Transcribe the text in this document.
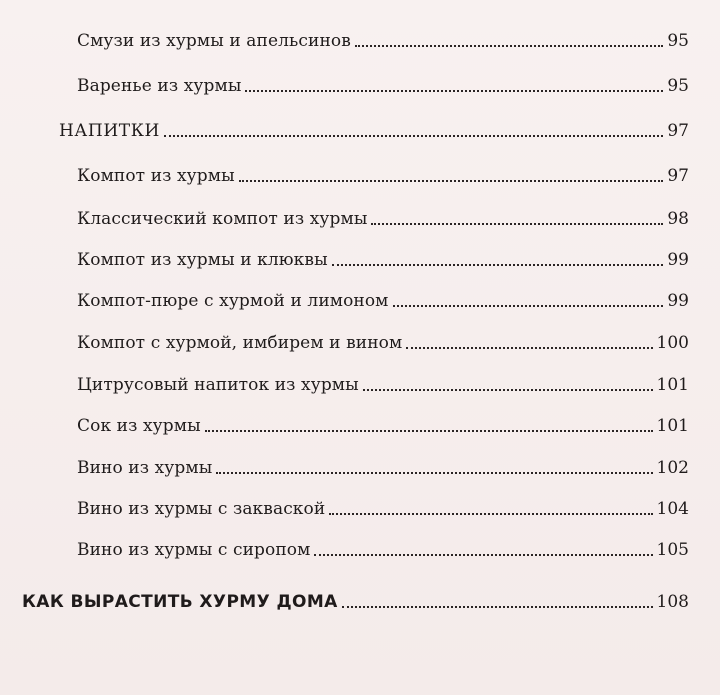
Смузи из хурмы и апельсинов	95
Варенье из хурмы	95
НАПИТКИ	97
Компот из хурмы	97
Классический компот из хурмы	98
Компот из хурмы и клюквы	99
Компот-пюре с хурмой и лимоном	99
Компот с хурмой, имбирем и вином	100
Цитрусовый напиток из хурмы	101
Сок из хурмы	101
Вино из хурмы	102
Вино из хурмы с закваской	104
Вино из хурмы с сиропом	105
КАК ВЫРАСТИТЬ ХУРМУ ДОМА	108
